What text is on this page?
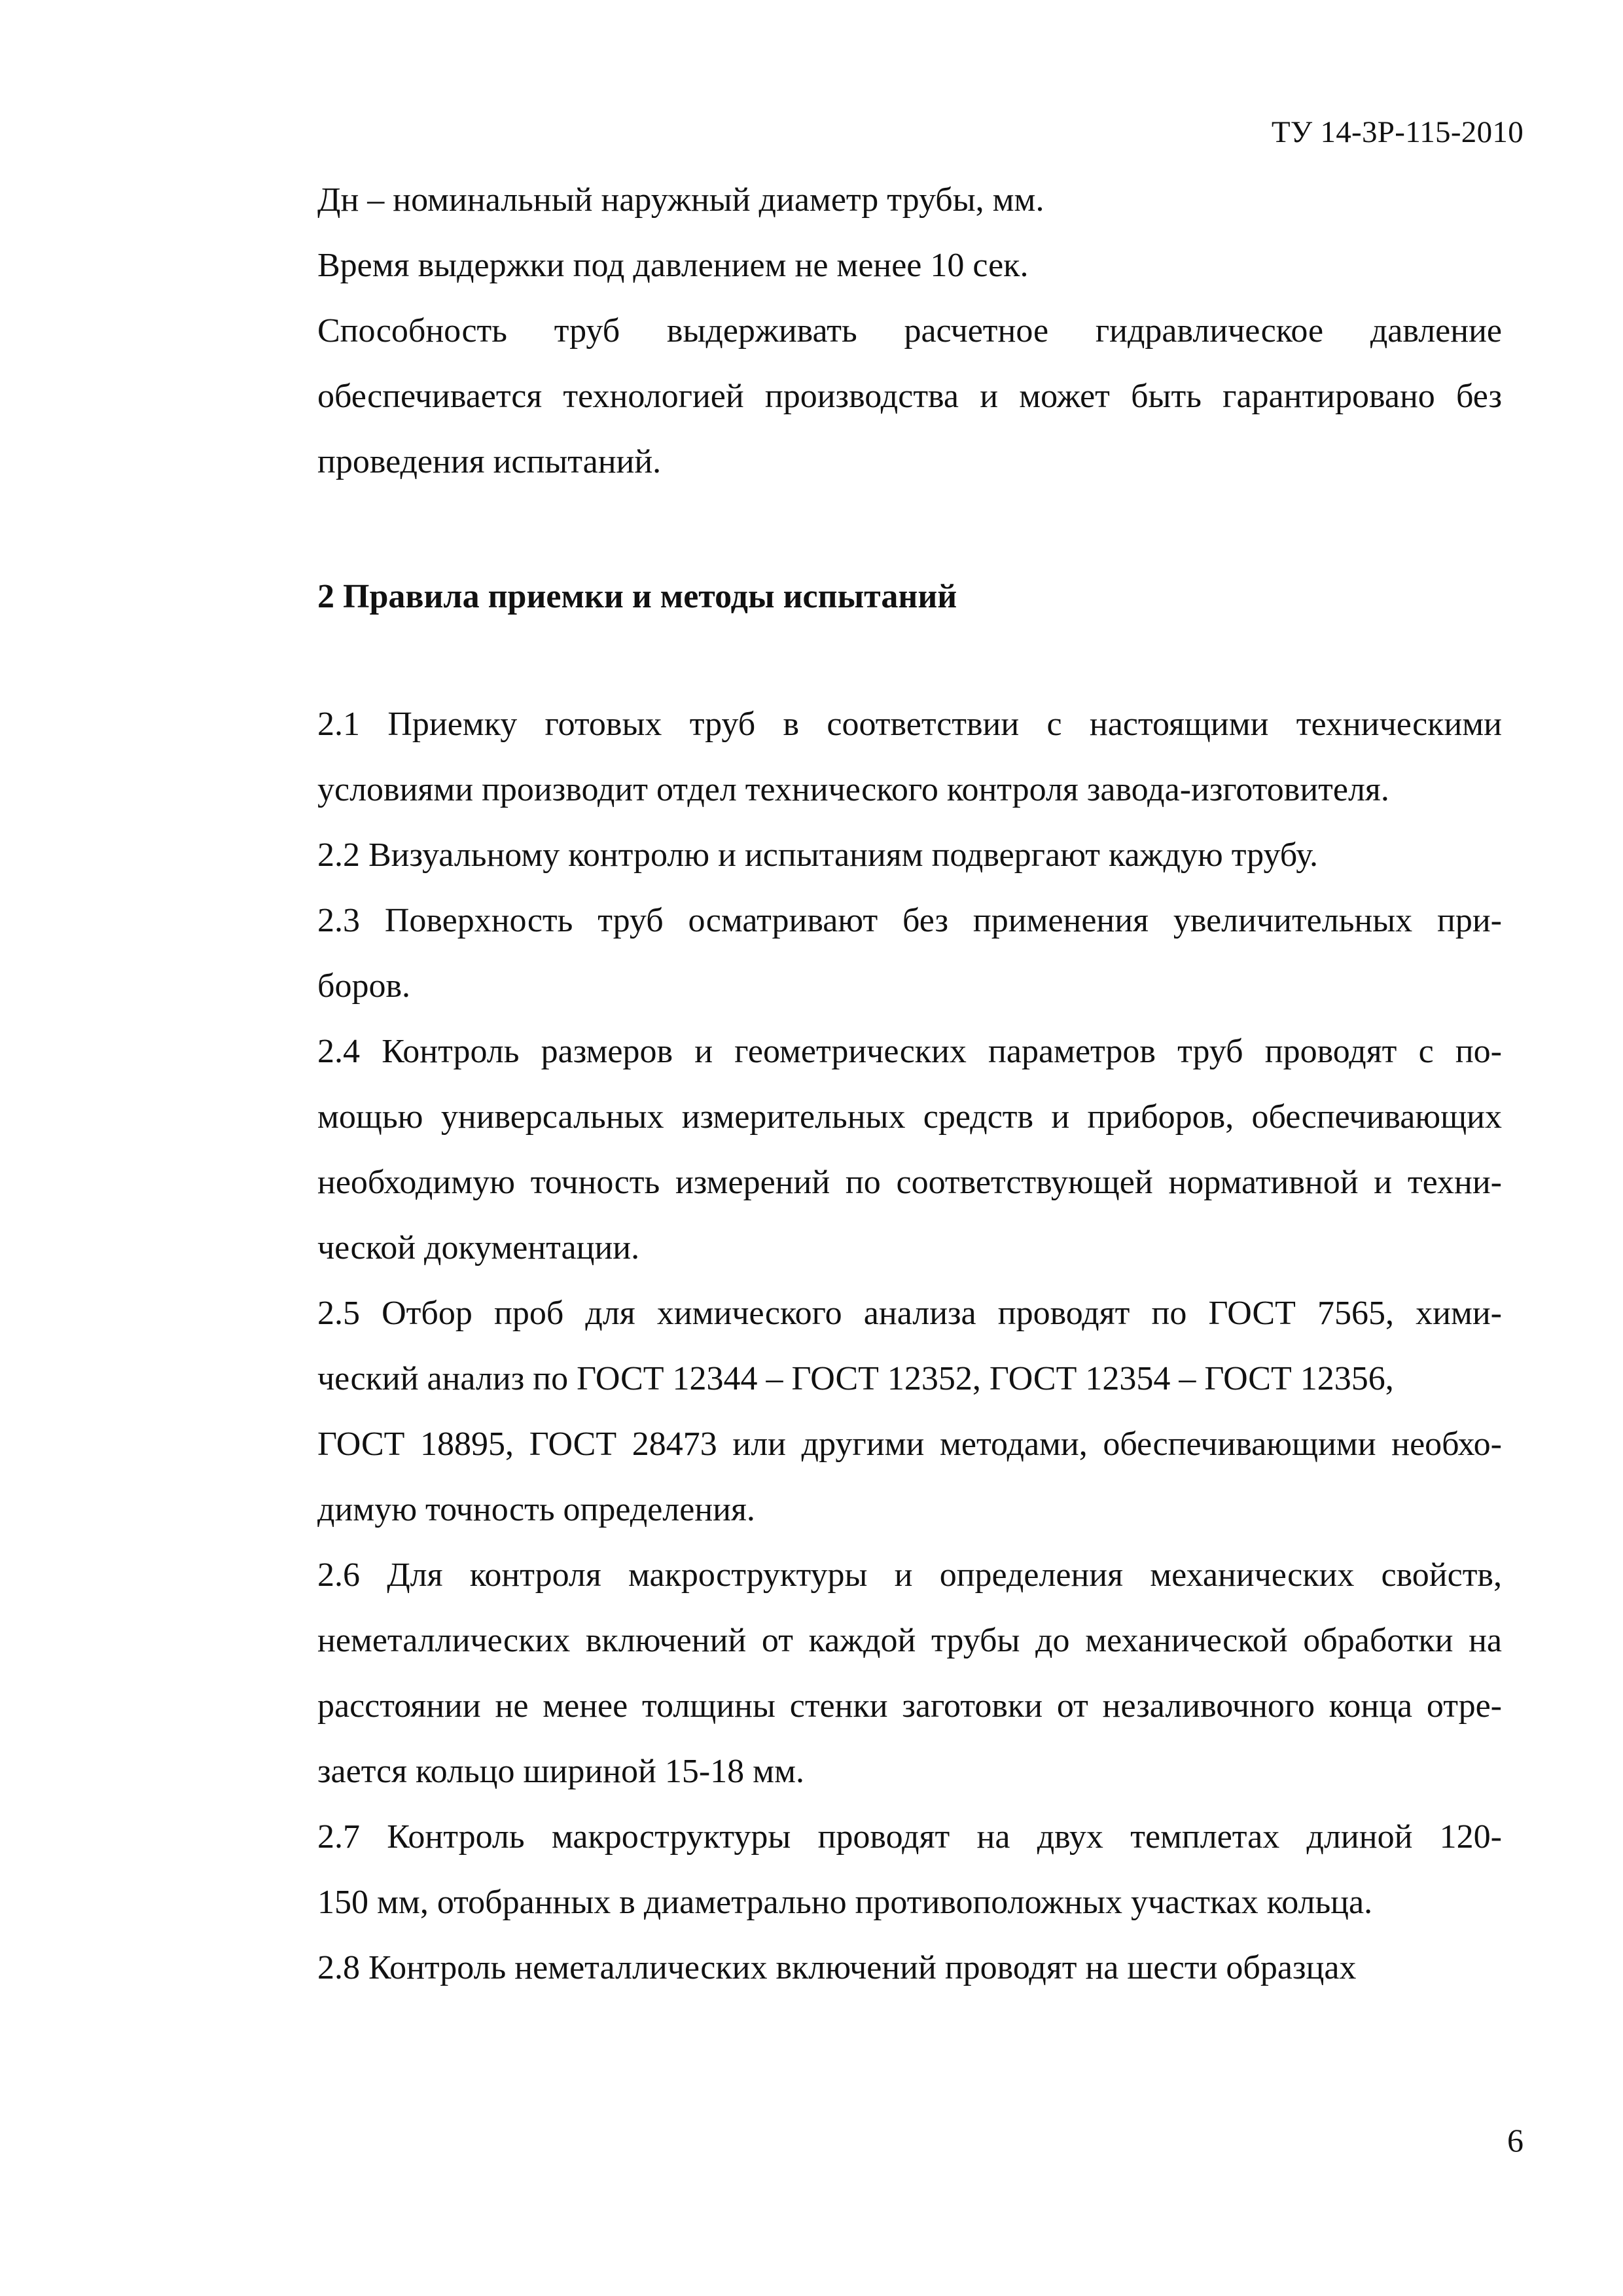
ТУ 14-3Р-115-2010

Дн – номинальный наружный диаметр трубы, мм.

Время выдержки под давлением не менее 10 сек.

Способность труб выдерживать расчетное гидравлическое давление
обеспечивается технологией производства и может быть гарантировано без
проведения испытаний.

2 Правила приемки и методы испытаний

2.1 Приемку готовых труб в соответствии с настоящими техническими
условиями производит отдел технического контроля завода-изготовителя.

2.2 Визуальному контролю и испытаниям подвергают каждую трубу.

2.3 Поверхность труб осматривают без применения увеличительных при-
боров.

2.4 Контроль размеров и геометрических параметров труб проводят с по-
мощью универсальных измерительных средств и приборов, обеспечивающих
необходимую точность измерений по соответствующей нормативной и техни-
ческой документации.

2.5 Отбор проб для химического анализа проводят по ГОСТ 7565, хими-
ческий анализ по ГОСТ 12344 – ГОСТ 12352, ГОСТ 12354 – ГОСТ 12356,
ГОСТ 18895, ГОСТ 28473 или другими методами, обеспечивающими необхо-
димую точность определения.

2.6 Для контроля макроструктуры и определения механических свойств,
неметаллических включений от каждой трубы до механической обработки на
расстоянии не менее толщины стенки заготовки от незаливочного конца отре-
зается кольцо шириной 15-18 мм.

2.7 Контроль макроструктуры проводят на двух темплетах длиной 120-
150 мм, отобранных в диаметрально противоположных участках кольца.

2.8 Контроль неметаллических включений проводят на шести образцах

6
